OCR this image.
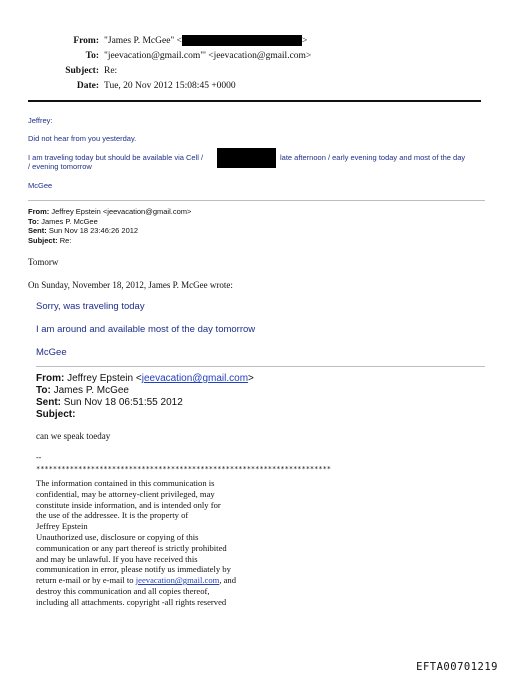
From: "James P. McGee" <	>
To: "jeevacation@gmail.com"' <jeevacation@gmail.com>
Subject: Re:
Date: Tue, 20 Nov 2012 15:08:45 +0000
Jeffrey:
Did not hear from you yesterday.
I am traveling today but should be available via Cell /	late afternoon / early evening today and most of the day
/ evening tomorrow
McGee
From: Jeffrey Epstein <jeevacation@gmail.com>
To: James P. McGee
Sent: Sun Nov 18 23:46:26 2012
Subject: Re:
Tomorw
On Sunday, November 18, 2012, James P. McGee wrote:
Sorry, was traveling today
I am around and available most of the day tomorrow
McGee
From: Jeffrey Epstein <jeevacation@gmail.com>
To: James P. McGee
Sent: Sun Nov 18 06:51:55 2012
Subject:
can we speak toeday
--
**********************************************************************
The information contained in this communication is
confidential, may be attorney-client privileged, may
constitute inside information, and is intended only for
the use of the addressee. It is the property of
Jeffrey Epstein
Unauthorized use, disclosure or copying of this
communication or any part thereof is strictly prohibited
and may be unlawful. If you have received this
communication in error, please notify us immediately by
return e-mail or by e-mail to jeevacation@gmail.com, and
destroy this communication and all copies thereof,
including all attachments. copyright -all rights reserved
EFTA00701219
